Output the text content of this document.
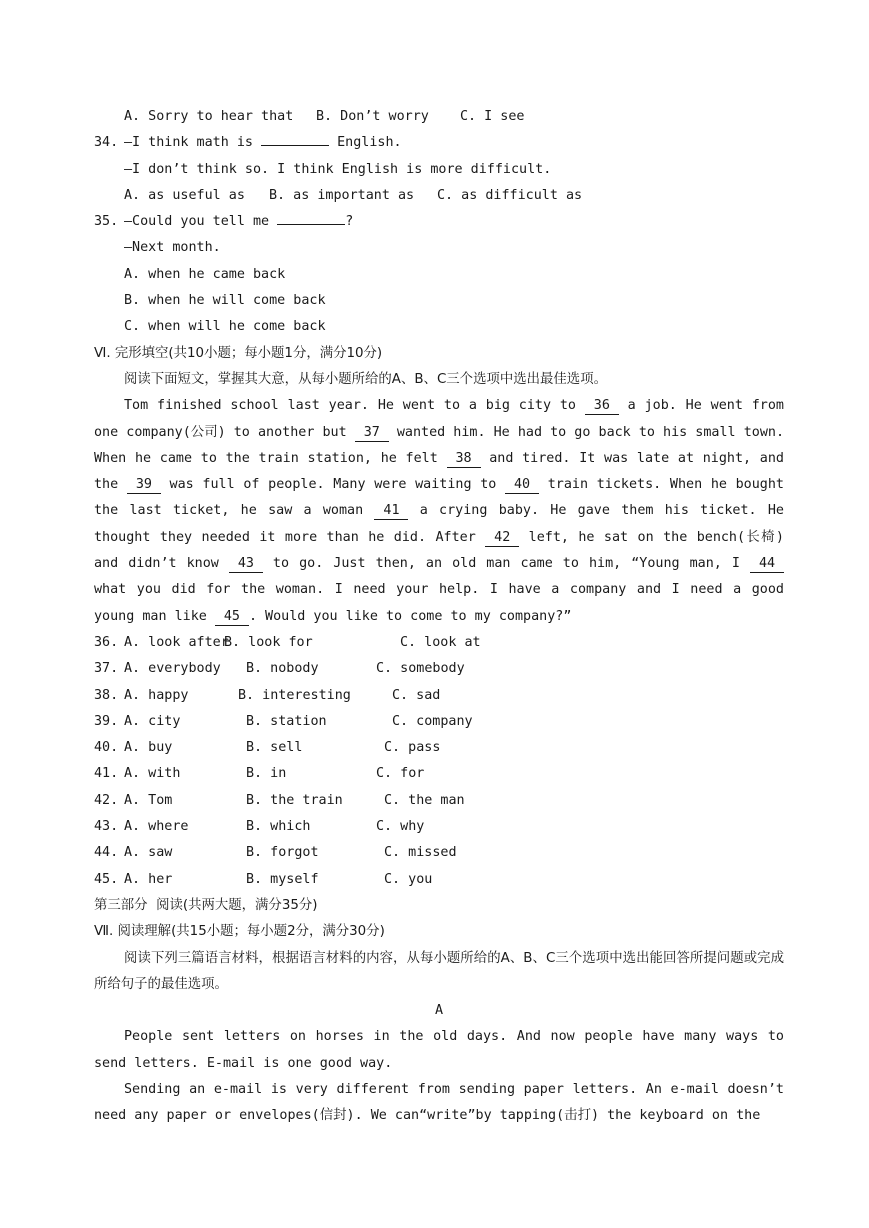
A. Sorry to hear that

B. Don’t worry

C. I see

34.

—I think math is	English.

—I don’t think so. I think English is more difficult.

A. as useful as

B. as important as

C. as difficult as

35.

—Could you tell me	?

—Next month.
A. when he came back
B. when he will come back
C. when will he come back
Ⅵ. 完形填空(共10小题；每小题1分，满分10分)
阅读下面短文，掌握其大意，从每小题所给的A、B、C三个选项中选出最佳选项。
Tom finished school last year. He went to a big city to 36 a job. He went from one company(公司) to another but 37 wanted him. He had to go back to his small town. When he came to the train station, he felt 38 and tired. It was late at night, and the 39 was full of people. Many were waiting to 40 train tickets. When he bought the last ticket, he saw a woman 41 a crying baby. He gave them his ticket. He thought they needed it more than he did. After 42 left, he sat on the bench(长椅) and didn’t know 43 to go. Just then, an old man came to him, “Young man, I 44 what you did for the woman. I need your help. I have a company and I need a good young man like 45 . Would you like to come to my company?”
36. A. look after
B. look for	C. look at
37. A. everybody B. nobody	C. somebody
38. A. happy	B. interesting	C. sad
39. A. city	B. station	C. company
40. A. buy	B. sell	C. pass
41. A. with	B. in	C. for
42. A. Tom	B. the train	C. the man
43. A. where	B. which	C. why
44. A. saw	B. forgot	C. missed
45. A. her	B. myself	C. you
第三部分  阅读(共两大题，满分35分)
Ⅶ. 阅读理解(共15小题；每小题2分，满分30分)
阅读下列三篇语言材料，根据语言材料的内容，从每小题所给的A、B、C三个选项中选出能回答所提问题或完成所给句子的最佳选项。
A
People sent letters on horses in the old days. And now people have many ways to send letters. E-mail is one good way.
Sending an e-mail is very different from sending paper letters. An e-mail doesn’t need any paper or envelopes(信封). We can“write”by tapping(击打) the keyboard on the
